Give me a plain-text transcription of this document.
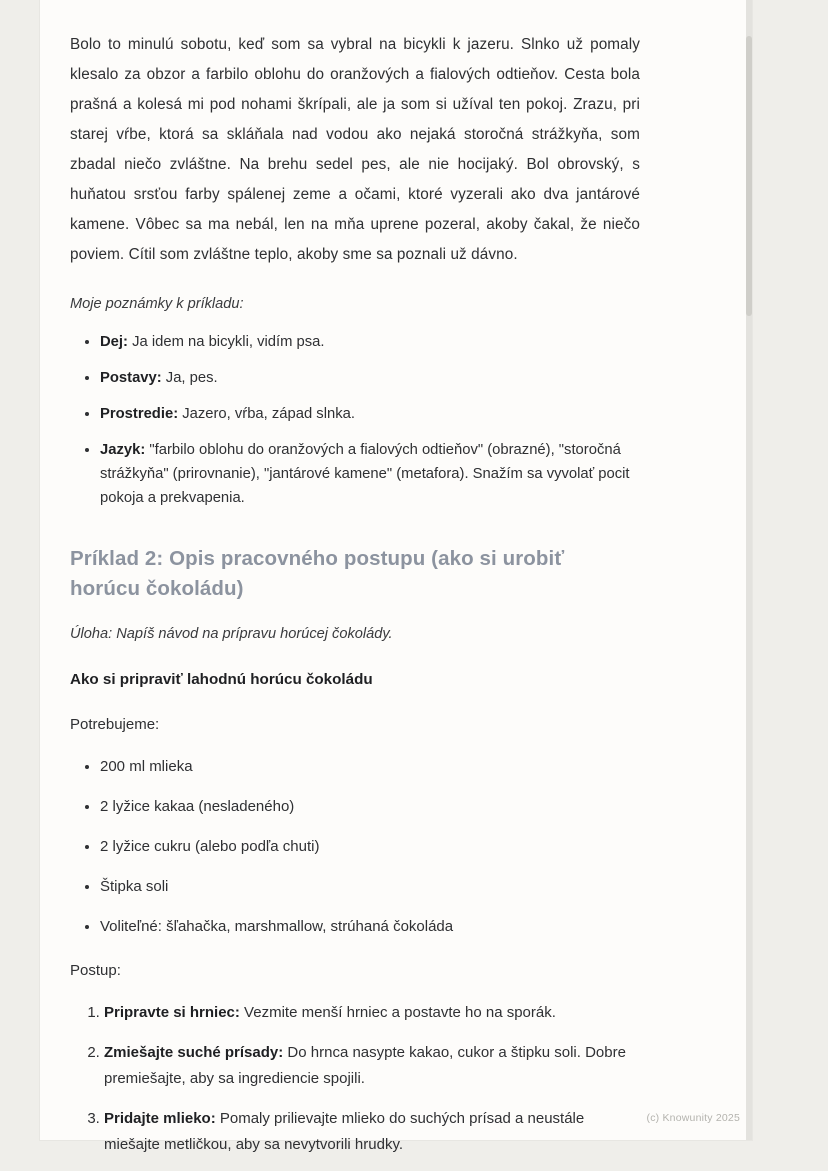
Bolo to minulú sobotu, keď som sa vybral na bicykli k jazeru. Slnko už pomaly klesalo za obzor a farbilo oblohu do oranžových a fialových odtieňov. Cesta bola prašná a kolesá mi pod nohami škrípali, ale ja som si užíval ten pokoj. Zrazu, pri starej vŕbe, ktorá sa skláňala nad vodou ako nejaká storočná strážkyňa, som zbadal niečo zvláštne. Na brehu sedel pes, ale nie hocijaký. Bol obrovský, s huňatou srsťou farby spálenej zeme a očami, ktoré vyzerali ako dva jantárové kamene. Vôbec sa ma nebál, len na mňa uprene pozeral, akoby čakal, že niečo poviem. Cítil som zvláštne teplo, akoby sme sa poznali už dávno.

Moje poznámky k príkladu:

• Dej: Ja idem na bicykli, vidím psa.
• Postavy: Ja, pes.
• Prostredie: Jazero, vŕba, západ slnka.
• Jazyk: "farbilo oblohu do oranžových a fialových odtieňov" (obrazné), "storočná strážkyňa" (prirovnanie), "jantárové kamene" (metafora). Snažím sa vyvolať pocit pokoja a prekvapenia.
Príklad 2: Opis pracovného postupu (ako si urobiť horúcu čokoládu)

Úloha: Napíš návod na prípravu horúcej čokolády.

Ako si pripraviť lahodnú horúcu čokoládu

Potrebujeme:

• 200 ml mlieka
• 2 lyžice kakaa (nesladeného)
• 2 lyžice cukru (alebo podľa chuti)
• Štipka soli
• Voliteľné: šľahačka, marshmallow, strúhaná čokoláda

Postup:

1. Pripravte si hrniec: Vezmite menší hrniec a postavte ho na sporák.
2. Zmiešajte suché prísady: Do hrnca nasypte kakao, cukor a štipku soli. Dobre premiešajte, aby sa ingrediencie spojili.
3. Pridajte mlieko: Pomaly prilievajte mlieko do suchých prísad a neustále miešajte metličkou, aby sa nevytvorili hrudky.
(c) Knowunity 2025
